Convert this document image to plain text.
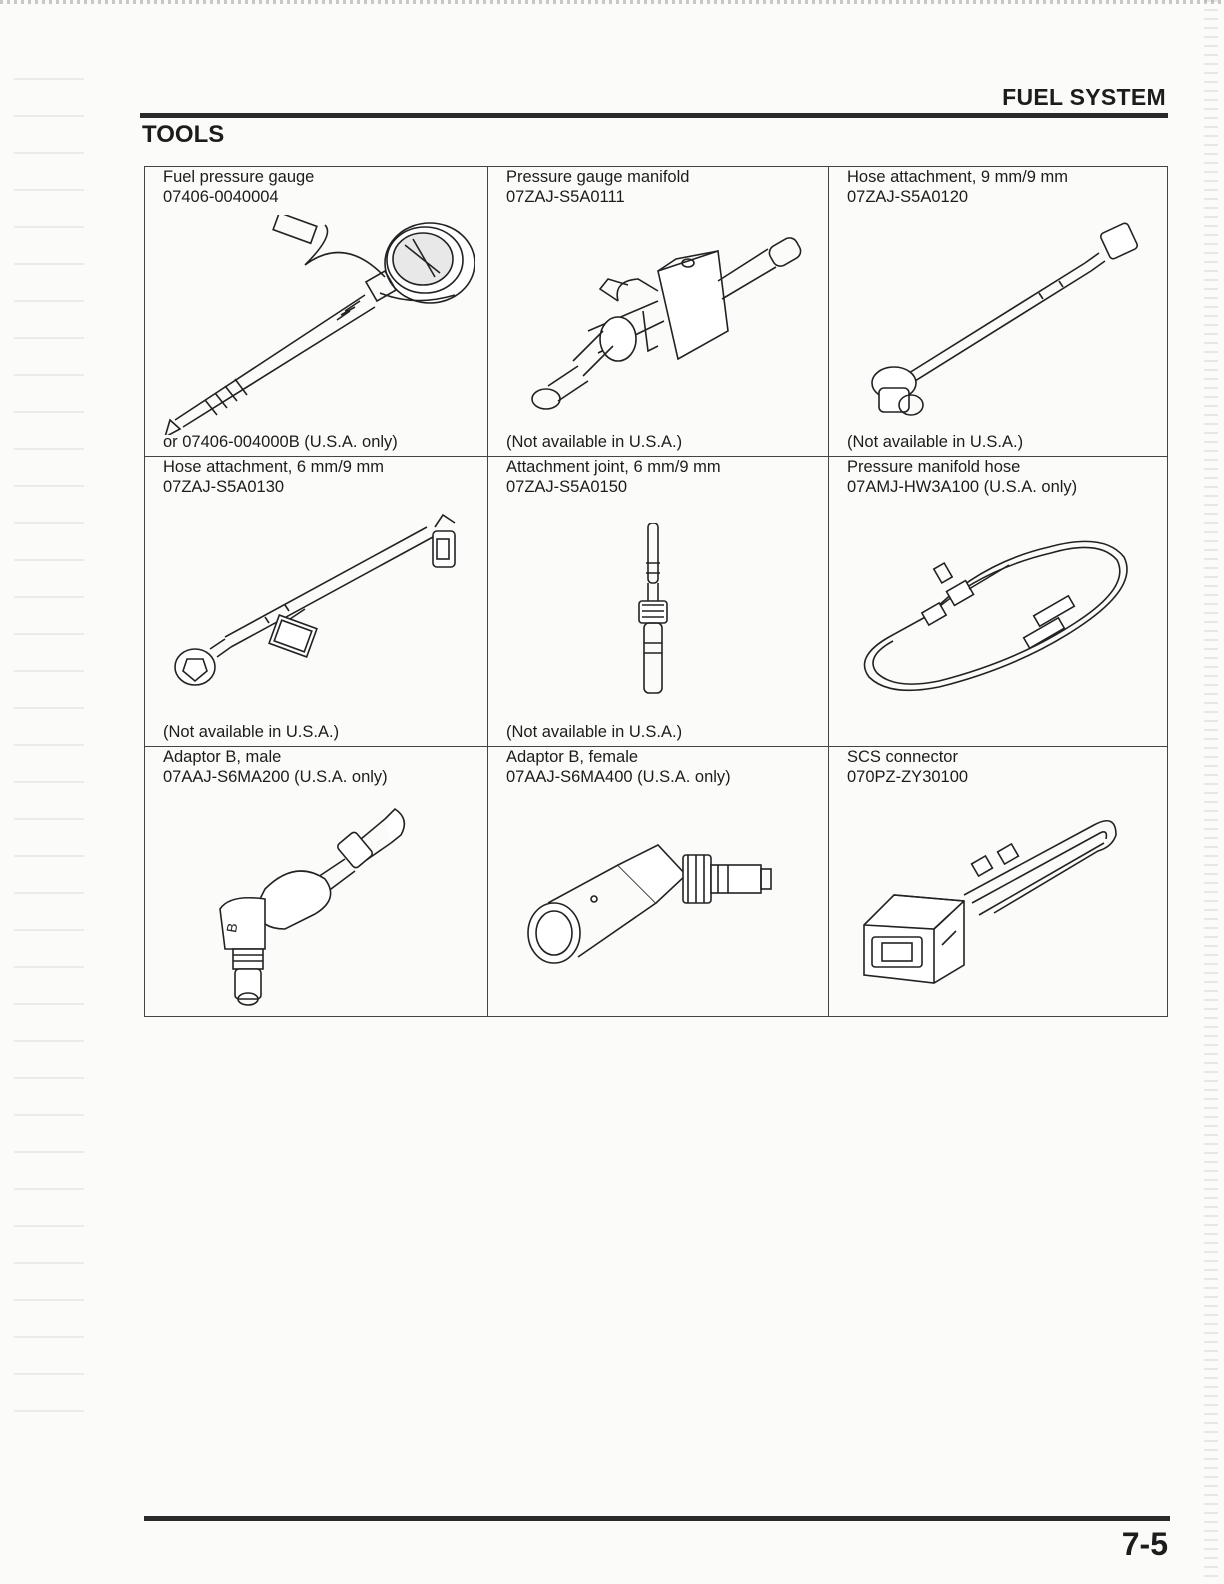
FUEL SYSTEM
TOOLS
Fuel pressure gauge
07406-0040004
or 07406-004000B (U.S.A. only)
Pressure gauge manifold
07ZAJ-S5A0111
(Not available in U.S.A.)
Hose attachment, 9 mm/9 mm
07ZAJ-S5A0120
(Not available in U.S.A.)
Hose attachment, 6 mm/9 mm
07ZAJ-S5A0130
(Not available in U.S.A.)
Attachment joint, 6 mm/9 mm
07ZAJ-S5A0150
(Not available in U.S.A.)
Pressure manifold hose
07AMJ-HW3A100 (U.S.A. only)
Adaptor B, male
07AAJ-S6MA200 (U.S.A. only)
B
Adaptor B, female
07AAJ-S6MA400 (U.S.A. only)
SCS connector
070PZ-ZY30100
7-5
